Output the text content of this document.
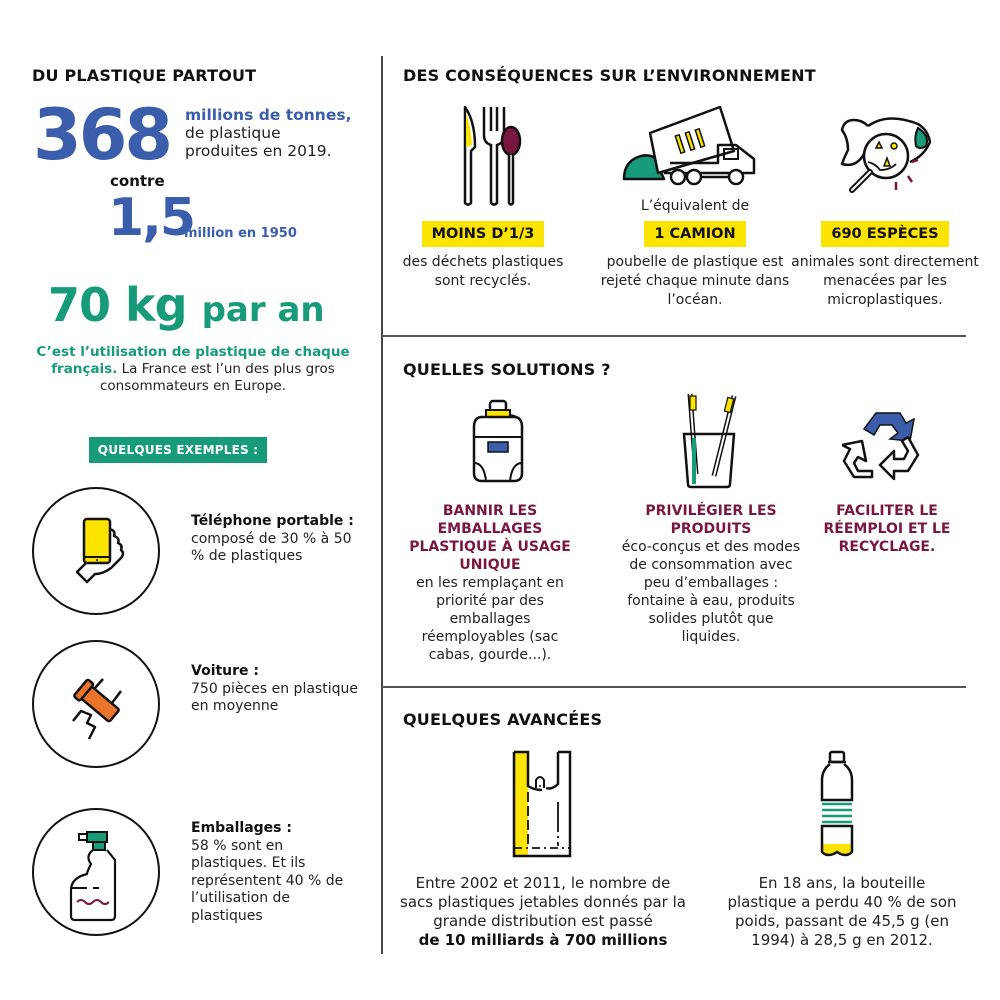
DU PLASTIQUE PARTOUT
368 millions de tonnes,
de plastique
produites en 2019.
contre
1,5
million en 1950
70 kg par an
C’est l’utilisation de plastique de chaque français. La France est l’un des plus gros consommateurs en Europe.
QUELQUES EXEMPLES :
Téléphone portable :
composé de 30 % à 50 % de plastiques
Voiture :
750 pièces en plastique en moyenne
Emballages :
58 % sont en plastiques. Et ils représentent 40 % de l’utilisation de plastiques
DES CONSÉQUENCES SUR L’ENVIRONNEMENT
MOINS D’1/3
des déchets plastiques sont recyclés.
L’équivalent de
1 CAMION
poubelle de plastique est rejeté chaque minute dans l’océan.
690 ESPÈCES
animales sont directement menacées par les microplastiques.
QUELLES SOLUTIONS ?
BANNIR LES EMBALLAGES PLASTIQUE À USAGE UNIQUE
en les remplaçant en priorité par des emballages réemployables (sac cabas, gourde...).
PRIVILÉGIER LES PRODUITS
éco-conçus et des modes de consommation avec peu d’emballages : fontaine à eau, produits solides plutôt que liquides.
FACILITER LE RÉEMPLOI ET LE RECYCLAGE.
QUELQUES AVANCÉES
Entre 2002 et 2011, le nombre de sacs plastiques jetables donnés par la grande distribution est passé
de 10 milliards à 700 millions
En 18 ans, la bouteille plastique a perdu 40 % de son poids, passant de 45,5 g (en 1994) à 28,5 g en 2012.
